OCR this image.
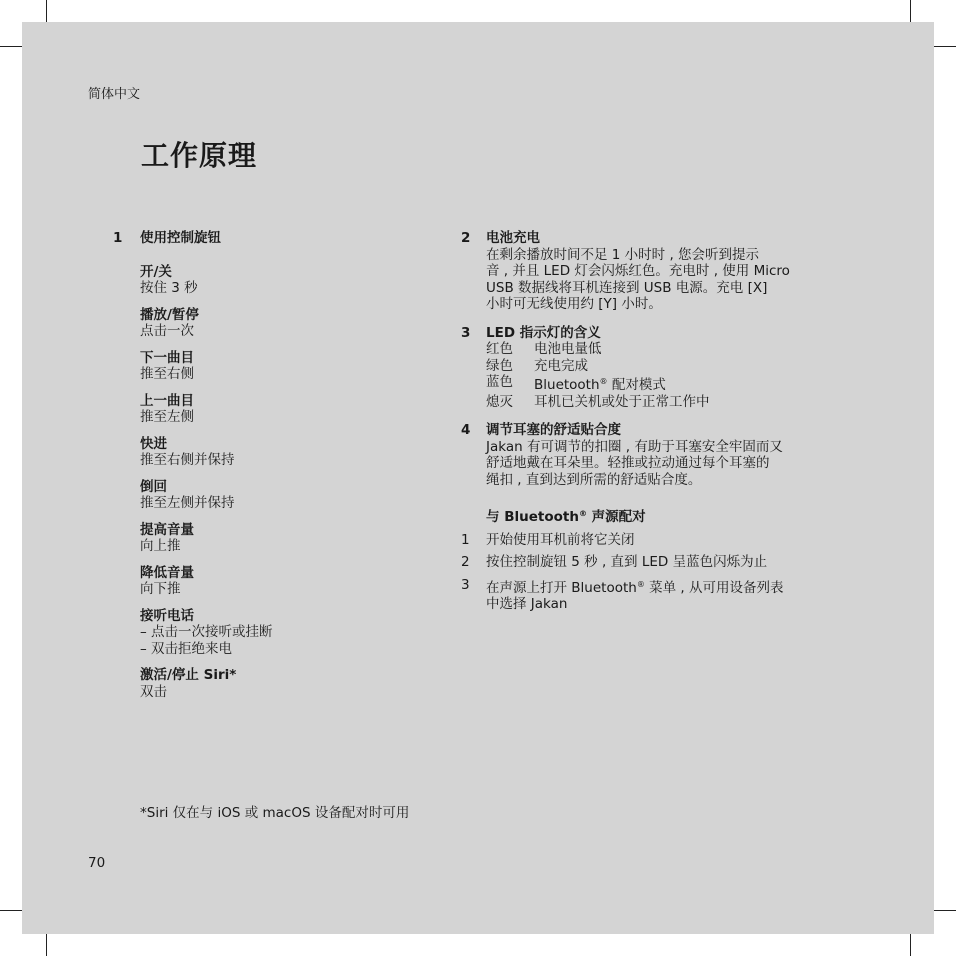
简体中文
工作原理
1 使用控制旋钮
开/关
按住 3 秒
播放/暂停
点击一次
下一曲目
推至右侧
上一曲目
推至左侧
快进
推至右侧并保持
倒回
推至左侧并保持
提高音量
向上推
降低音量
向下推
接听电话
– 点击一次接听或挂断
– 双击拒绝来电
激活/停止 Siri*
双击
2 电池充电
在剩余播放时间不足 1 小时时 , 您会听到提示
音 , 并且 LED 灯会闪烁红色。充电时 , 使用 Micro
USB 数据线将耳机连接到 USB 电源。充电 [X]
小时可无线使用约 [Y] 小时。
3 LED 指示灯的含义
红色	电池电量低
绿色	充电完成
蓝色	Bluetooth® 配对模式
熄灭	耳机已关机或处于正常工作中
4 调节耳塞的舒适贴合度
Jakan 有可调节的扣圈 , 有助于耳塞安全牢固而又
舒适地戴在耳朵里。轻推或拉动通过每个耳塞的
绳扣 , 直到达到所需的舒适贴合度。
与 Bluetooth® 声源配对
1 开始使用耳机前将它关闭
2 按住控制旋钮 5 秒 , 直到 LED 呈蓝色闪烁为止
3 在声源上打开 Bluetooth® 菜单 , 从可用设备列表
中选择 Jakan
*Siri 仅在与 iOS 或 macOS 设备配对时可用
70
